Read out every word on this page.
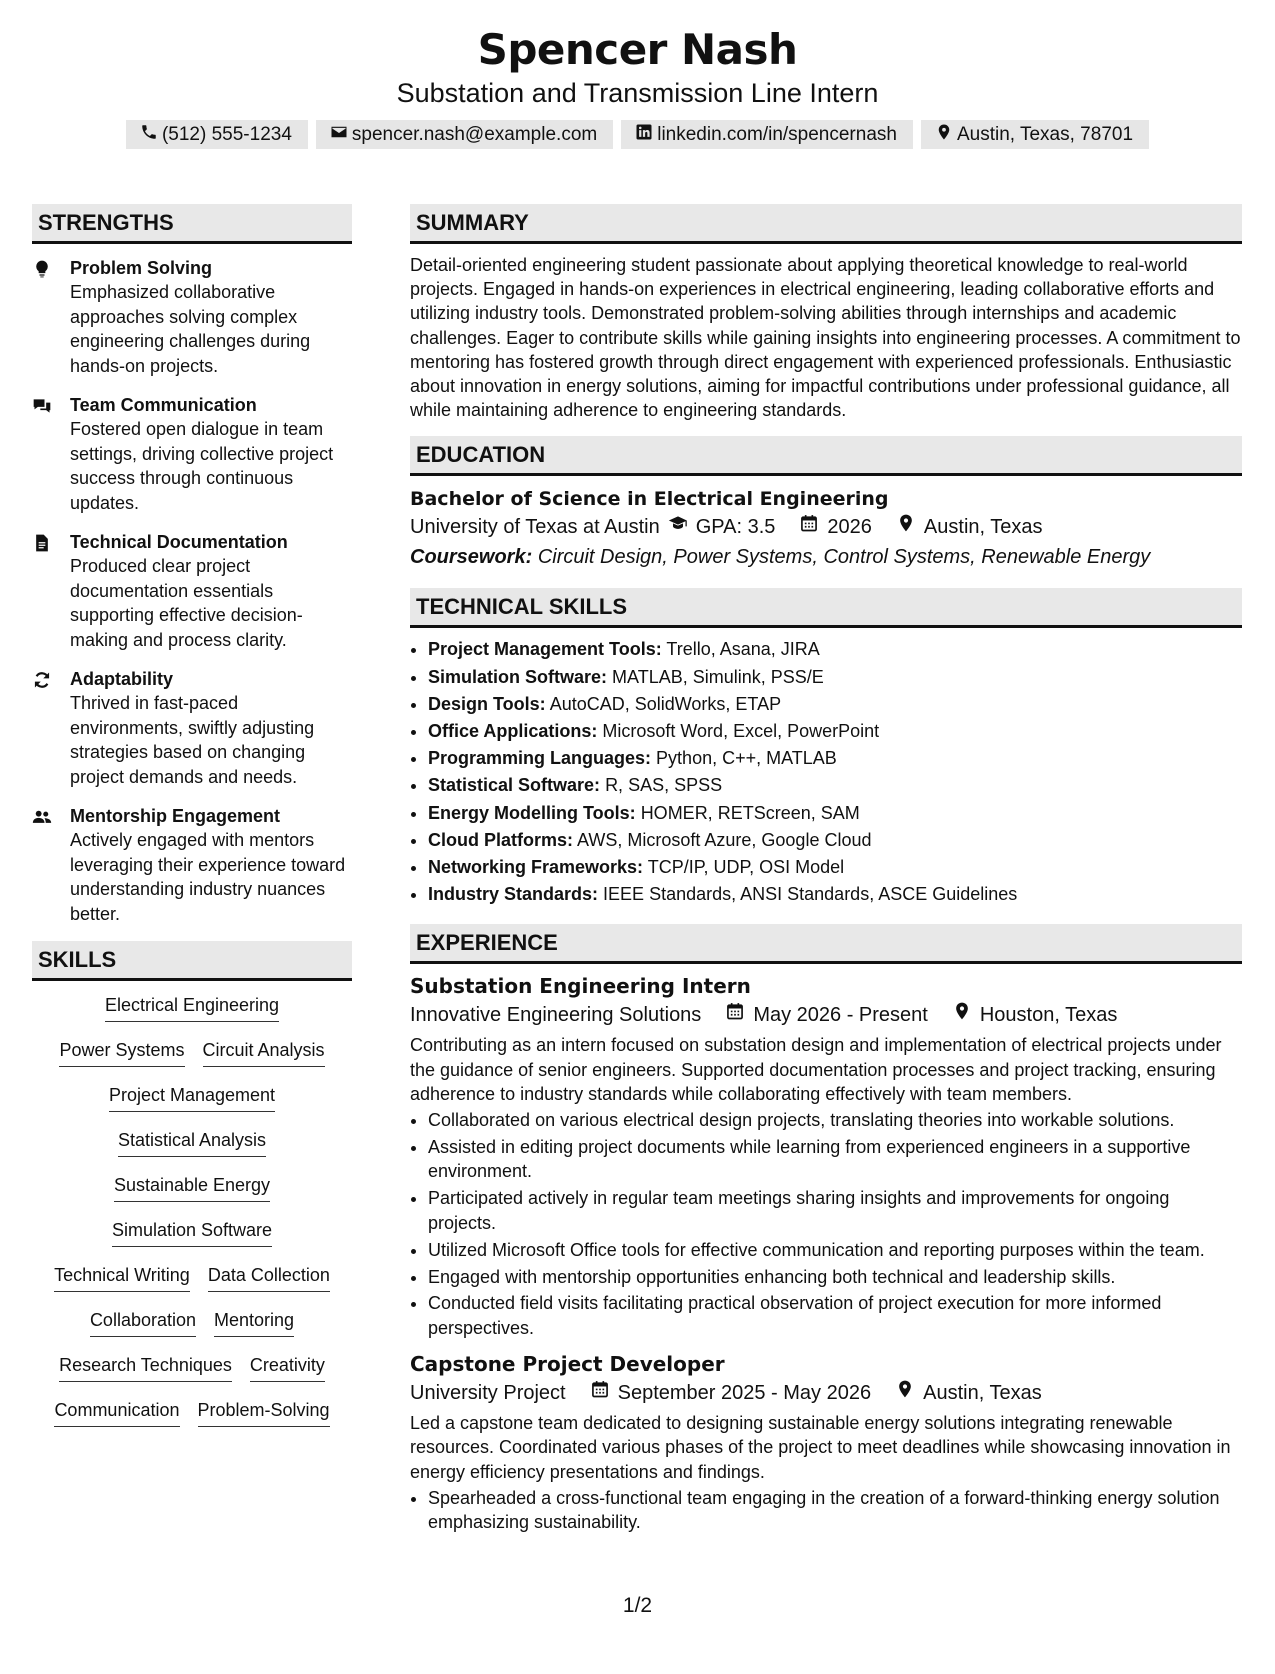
Spencer Nash
Substation and Transmission Line Intern
(512) 555-1234	spencer.nash@example.com	linkedin.com/in/spencernash	Austin, Texas, 78701
STRENGTHS
Problem Solving
Emphasized collaborative approaches solving complex engineering challenges during hands-on projects.
Team Communication
Fostered open dialogue in team settings, driving collective project success through continuous updates.
Technical Documentation
Produced clear project documentation essentials supporting effective decision-making and process clarity.
Adaptability
Thrived in fast-paced environments, swiftly adjusting strategies based on changing project demands and needs.
Mentorship Engagement
Actively engaged with mentors leveraging their experience toward understanding industry nuances better.
SKILLS
Electrical Engineering
Power Systems Circuit Analysis
Project Management
Statistical Analysis
Sustainable Energy
Simulation Software
Technical Writing Data Collection
Collaboration Mentoring
Research Techniques Creativity
Communication Problem-Solving
SUMMARY
Detail-oriented engineering student passionate about applying theoretical knowledge to real-world projects. Engaged in hands-on experiences in electrical engineering, leading collaborative efforts and utilizing industry tools. Demonstrated problem-solving abilities through internships and academic challenges. Eager to contribute skills while gaining insights into engineering processes. A commitment to mentoring has fostered growth through direct engagement with experienced professionals. Enthusiastic about innovation in energy solutions, aiming for impactful contributions under professional guidance, all while maintaining adherence to engineering standards.
EDUCATION
Bachelor of Science in Electrical Engineering
University of Texas at Austin GPA: 3.5	2026	Austin, Texas
Coursework: Circuit Design, Power Systems, Control Systems, Renewable Energy
TECHNICAL SKILLS
• Project Management Tools: Trello, Asana, JIRA
• Simulation Software: MATLAB, Simulink, PSS/E
• Design Tools: AutoCAD, SolidWorks, ETAP
• Office Applications: Microsoft Word, Excel, PowerPoint
• Programming Languages: Python, C++, MATLAB
• Statistical Software: R, SAS, SPSS
• Energy Modelling Tools: HOMER, RETScreen, SAM
• Cloud Platforms: AWS, Microsoft Azure, Google Cloud
• Networking Frameworks: TCP/IP, UDP, OSI Model
• Industry Standards: IEEE Standards, ANSI Standards, ASCE Guidelines
EXPERIENCE
Substation Engineering Intern
Innovative Engineering Solutions	May 2026 - Present	Houston, Texas
Contributing as an intern focused on substation design and implementation of electrical projects under the guidance of senior engineers. Supported documentation processes and project tracking, ensuring adherence to industry standards while collaborating effectively with team members.
• Collaborated on various electrical design projects, translating theories into workable solutions.
• Assisted in editing project documents while learning from experienced engineers in a supportive environment.
• Participated actively in regular team meetings sharing insights and improvements for ongoing projects.
• Utilized Microsoft Office tools for effective communication and reporting purposes within the team.
• Engaged with mentorship opportunities enhancing both technical and leadership skills.
• Conducted field visits facilitating practical observation of project execution for more informed perspectives.
Capstone Project Developer
University Project	September 2025 - May 2026	Austin, Texas
Led a capstone team dedicated to designing sustainable energy solutions integrating renewable resources. Coordinated various phases of the project to meet deadlines while showcasing innovation in energy efficiency presentations and findings.
• Spearheaded a cross-functional team engaging in the creation of a forward-thinking energy solution emphasizing sustainability.
1/2
